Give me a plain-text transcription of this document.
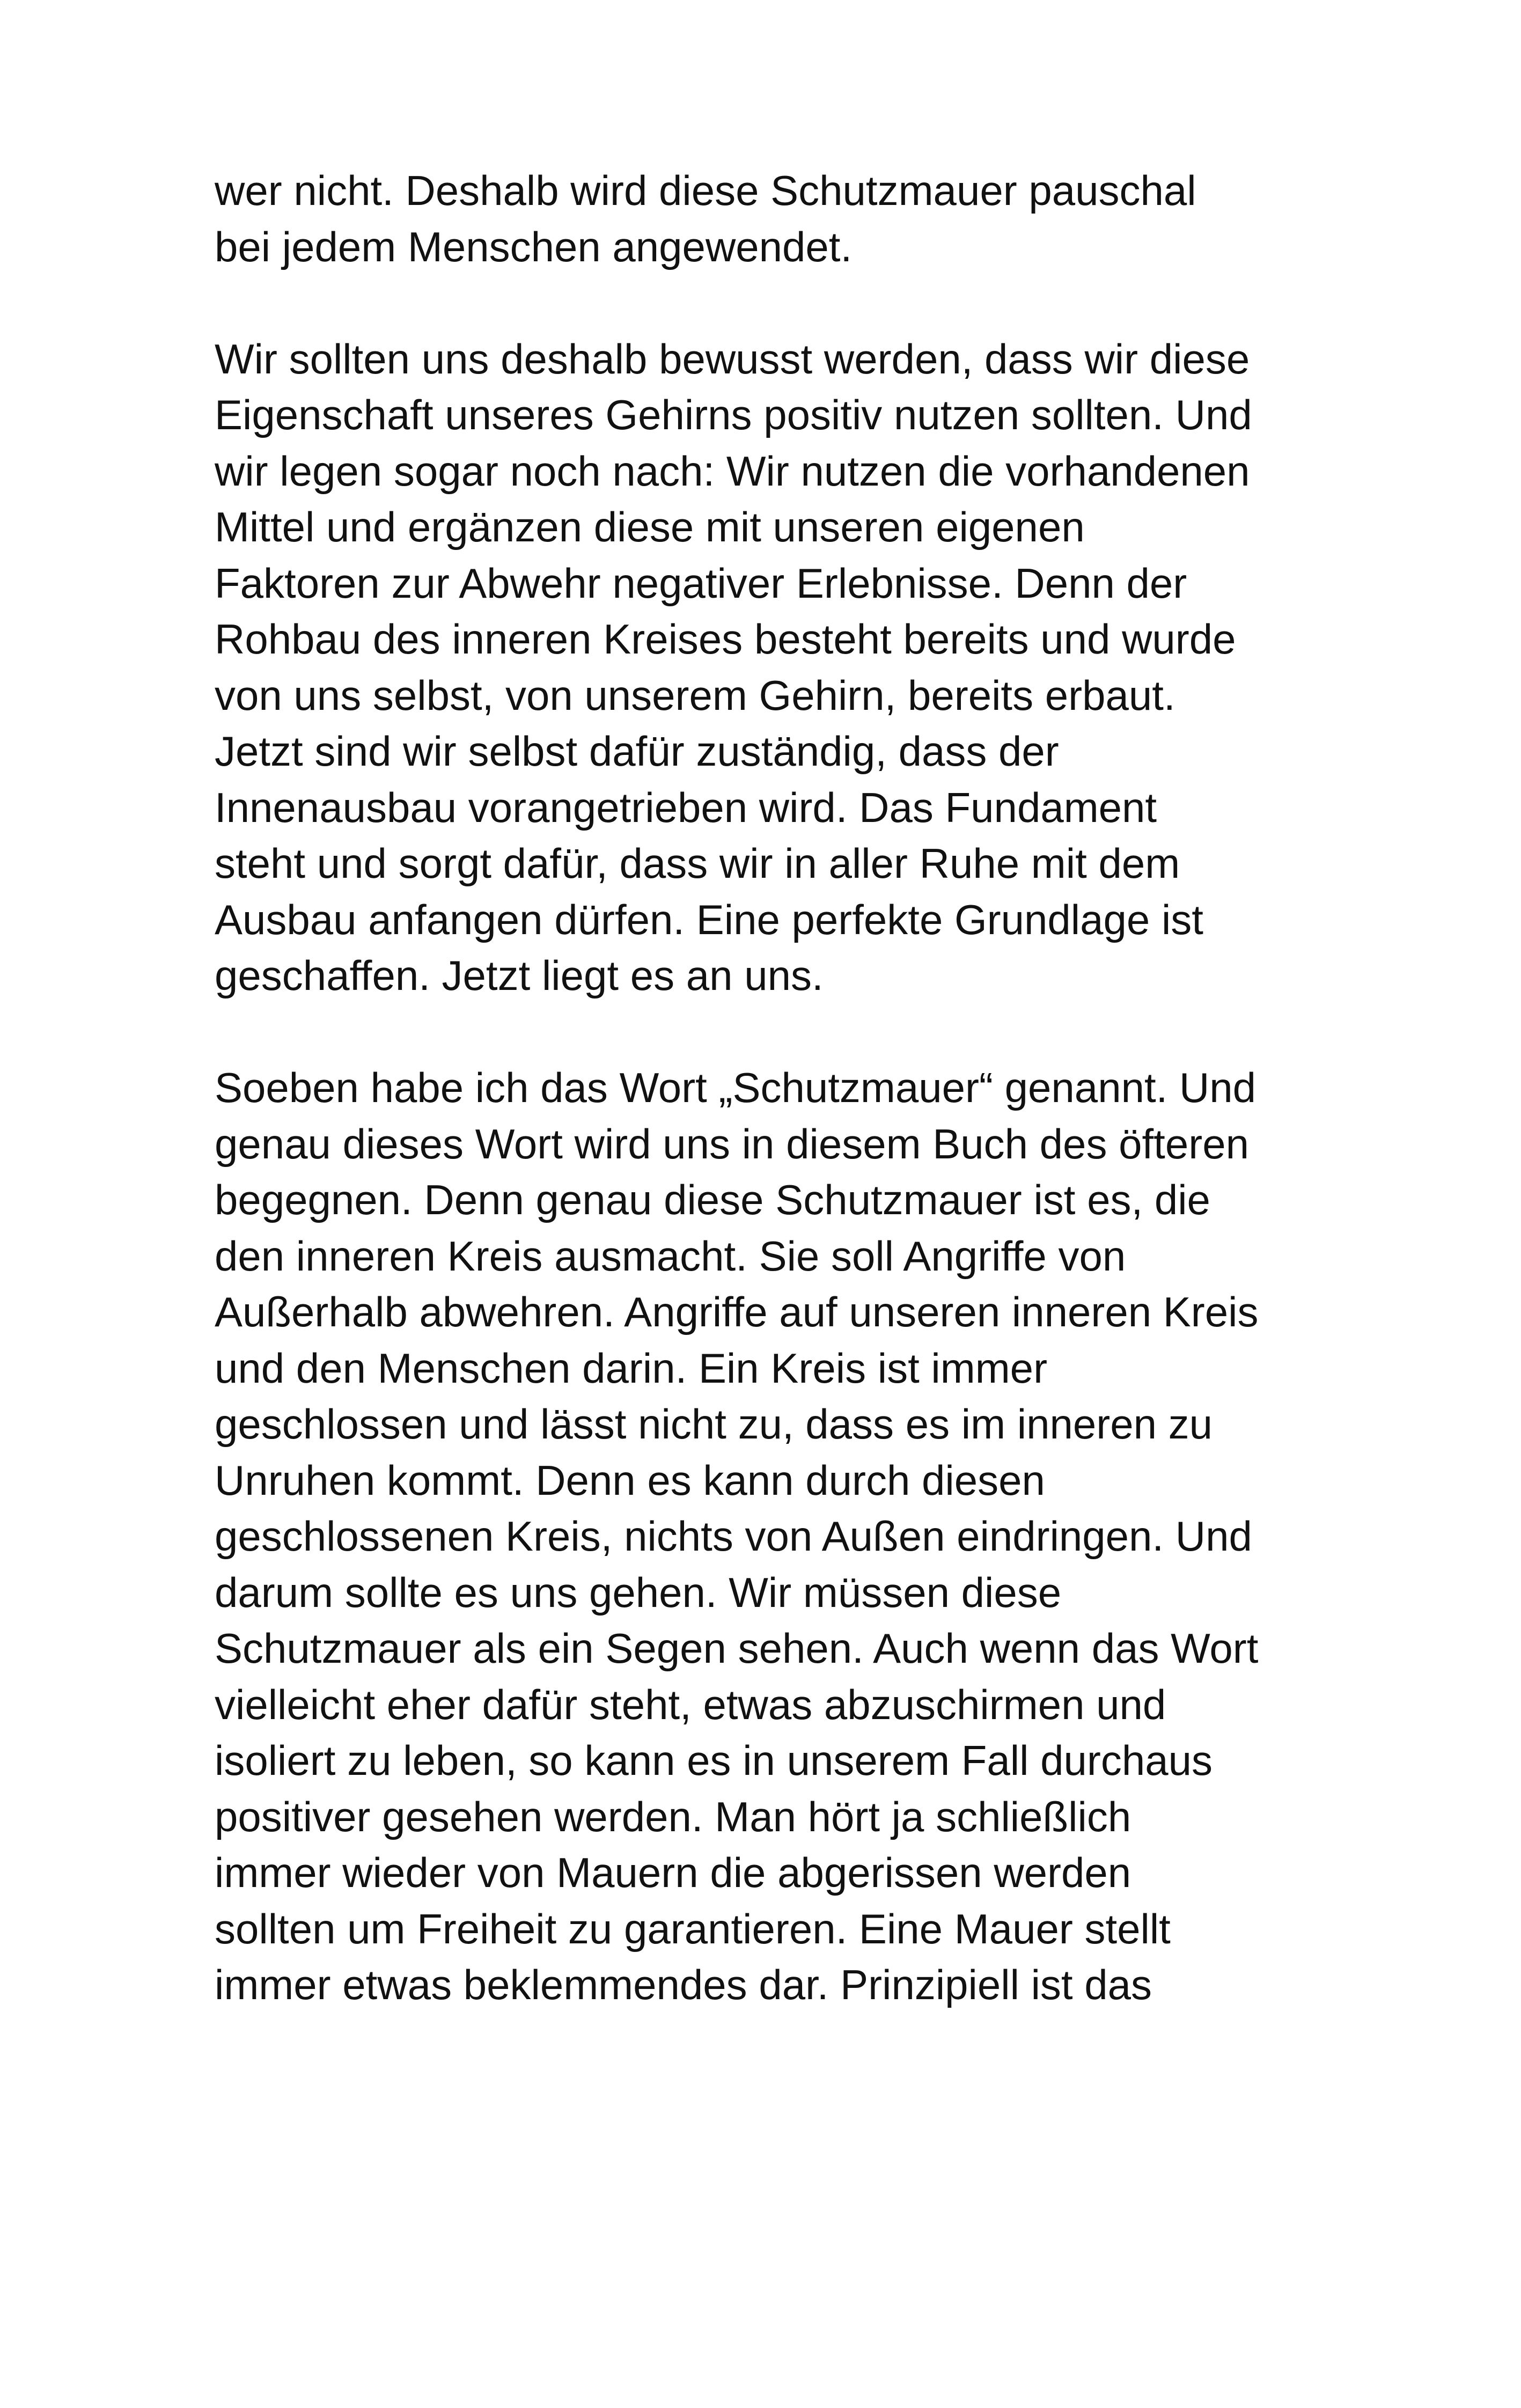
wer nicht. Deshalb wird diese Schutzmauer pauschal
bei jedem Menschen angewendet.
Wir sollten uns deshalb bewusst werden, dass wir diese
Eigenschaft unseres Gehirns positiv nutzen sollten. Und
wir legen sogar noch nach: Wir nutzen die vorhandenen
Mittel und ergänzen diese mit unseren eigenen
Faktoren zur Abwehr negativer Erlebnisse. Denn der
Rohbau des inneren Kreises besteht bereits und wurde
von uns selbst, von unserem Gehirn, bereits erbaut.
Jetzt sind wir selbst dafür zuständig, dass der
Innenausbau vorangetrieben wird. Das Fundament
steht und sorgt dafür, dass wir in aller Ruhe mit dem
Ausbau anfangen dürfen. Eine perfekte Grundlage ist
geschaffen. Jetzt liegt es an uns.
Soeben habe ich das Wort „Schutzmauer“ genannt. Und
genau dieses Wort wird uns in diesem Buch des öfteren
begegnen. Denn genau diese Schutzmauer ist es, die
den inneren Kreis ausmacht. Sie soll Angriffe von
Außerhalb abwehren. Angriffe auf unseren inneren Kreis
und den Menschen darin. Ein Kreis ist immer
geschlossen und lässt nicht zu, dass es im inneren zu
Unruhen kommt. Denn es kann durch diesen
geschlossenen Kreis, nichts von Außen eindringen. Und
darum sollte es uns gehen. Wir müssen diese
Schutzmauer als ein Segen sehen. Auch wenn das Wort
vielleicht eher dafür steht, etwas abzuschirmen und
isoliert zu leben, so kann es in unserem Fall durchaus
positiver gesehen werden. Man hört ja schließlich
immer wieder von Mauern die abgerissen werden
sollten um Freiheit zu garantieren. Eine Mauer stellt
immer etwas beklemmendes dar. Prinzipiell ist das
